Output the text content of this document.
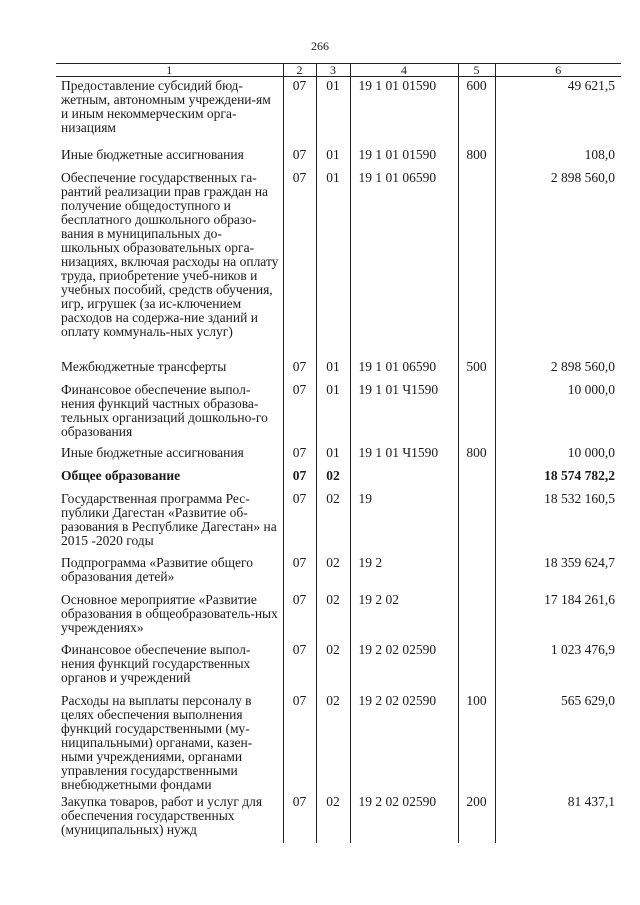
266
1	2	3	4	5	6
Предоставление субсидий бюд-жетным, автономным учреждени-ям и иным некоммерческим орга-низациям	07	01	19 1 01 01590	600	49 621,5
Иные бюджетные ассигнования	07	01	19 1 01 01590	800	108,0
Обеспечение государственных га-рантий реализации прав граждан на получение общедоступного и бесплатного дошкольного образо-вания в муниципальных до-школьных образовательных орга-низациях, включая расходы на оплату труда, приобретение учеб-ников и учебных пособий, средств обучения, игр, игрушек (за ис-ключением расходов на содержа-ние зданий и оплату коммуналь-ных услуг)	07	01	19 1 01 06590		2 898 560,0
Межбюджетные трансферты	07	01	19 1 01 06590	500	2 898 560,0
Финансовое обеспечение выпол-нения функций частных образова-тельных организаций дошкольно-го образования	07	01	19 1 01 Ч1590		10 000,0
Иные бюджетные ассигнования	07	01	19 1 01 Ч1590	800	10 000,0
Общее образование	07	02			18 574 782,2
Государственная программа Рес-публики Дагестан «Развитие об-разования в Республике Дагестан» на 2015 -2020 годы	07	02	19		18 532 160,5
Подпрограмма «Развитие общего образования детей»	07	02	19 2		18 359 624,7
Основное мероприятие «Развитие образования в общеобразователь-ных учреждениях»	07	02	19 2 02		17 184 261,6
Финансовое обеспечение выпол-нения функций государственных органов и учреждений	07	02	19 2 02 02590		1 023 476,9
Расходы на выплаты персоналу в целях обеспечения выполнения функций государственными (му-ниципальными) органами, казен-ными учреждениями, органами управления государственными внебюджетными фондами	07	02	19 2 02 02590	100	565 629,0
Закупка товаров, работ и услуг для обеспечения государственных (муниципальных) нужд	07	02	19 2 02 02590	200	81 437,1
